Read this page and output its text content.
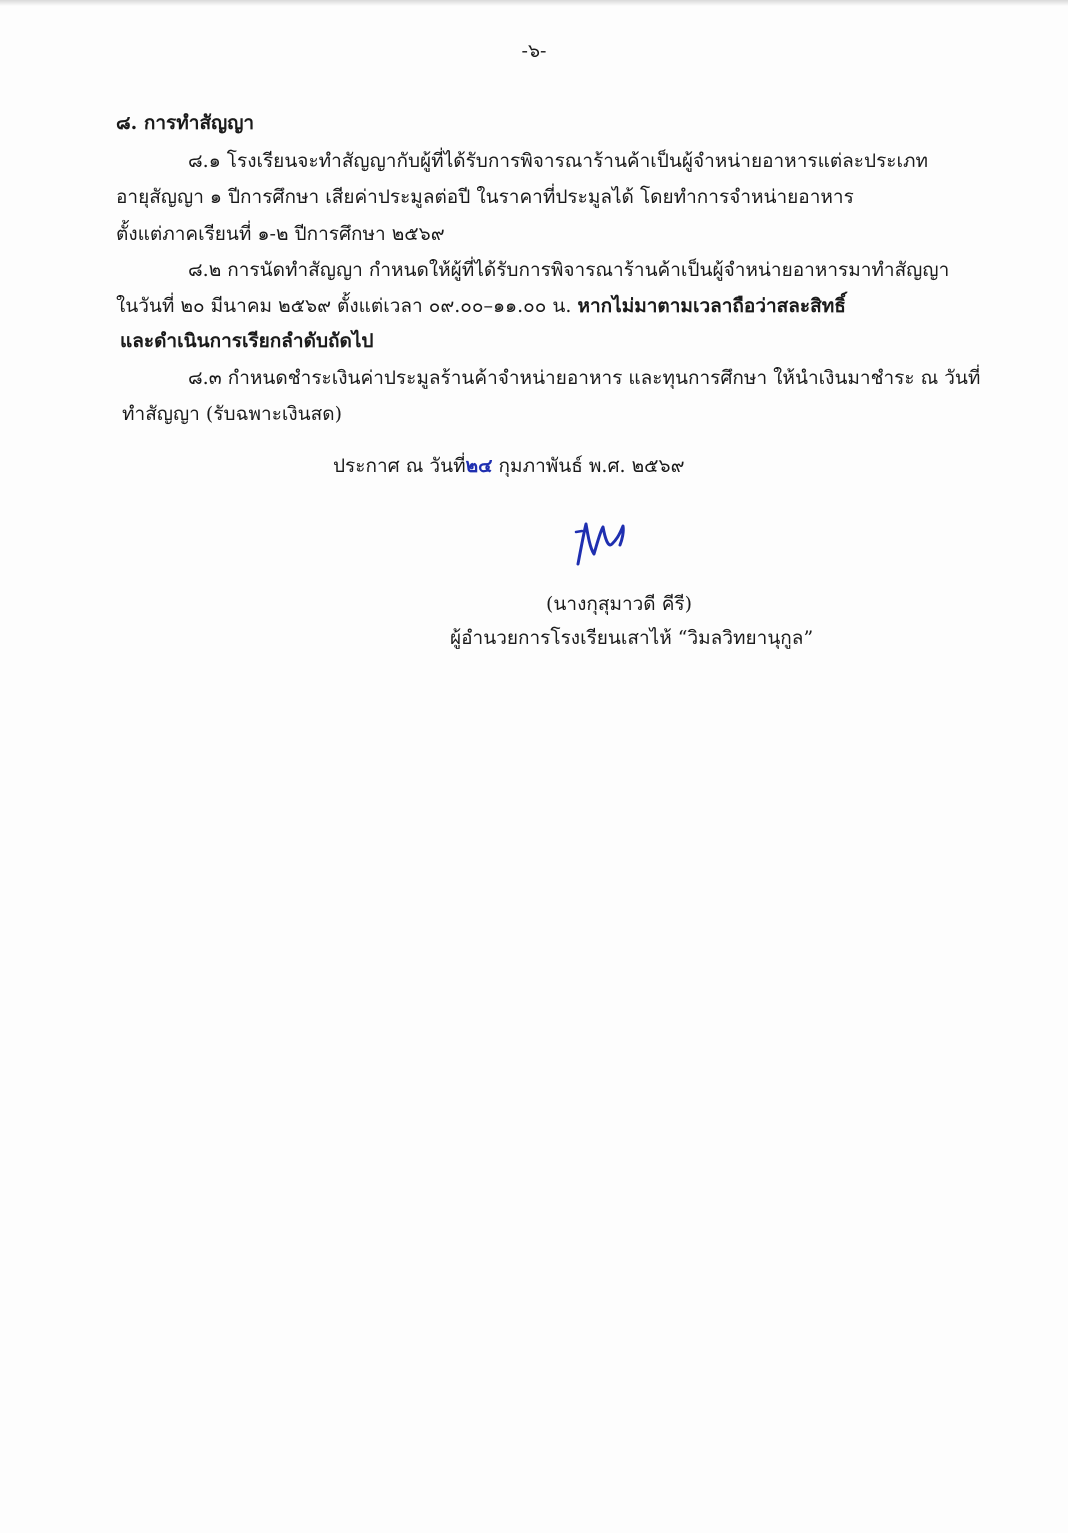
-๖-
๘. การทำสัญญา
๘.๑ โรงเรียนจะทำสัญญากับผู้ที่ได้รับการพิจารณาร้านค้าเป็นผู้จำหน่ายอาหารแต่ละประเภท
อายุสัญญา ๑ ปีการศึกษา เสียค่าประมูลต่อปี ในราคาที่ประมูลได้ โดยทำการจำหน่ายอาหาร
ตั้งแต่ภาคเรียนที่ ๑-๒ ปีการศึกษา ๒๕๖๙
๘.๒ การนัดทำสัญญา กำหนดให้ผู้ที่ได้รับการพิจารณาร้านค้าเป็นผู้จำหน่ายอาหารมาทำสัญญา
ในวันที่ ๒๐ มีนาคม ๒๕๖๙ ตั้งแต่เวลา ๐๙.๐๐–๑๑.๐๐ น. หากไม่มาตามเวลาถือว่าสละสิทธิ์
และดำเนินการเรียกลำดับถัดไป
๘.๓ กำหนดชำระเงินค่าประมูลร้านค้าจำหน่ายอาหาร และทุนการศึกษา ให้นำเงินมาชำระ ณ วันที่
ทำสัญญา (รับฉพาะเงินสด)
ประกาศ ณ วันที่๒๔ กุมภาพันธ์ พ.ศ. ๒๕๖๙
(นางกุสุมาวดี คีรี)
ผู้อำนวยการโรงเรียนเสาไห้ “วิมลวิทยานุกูล”
